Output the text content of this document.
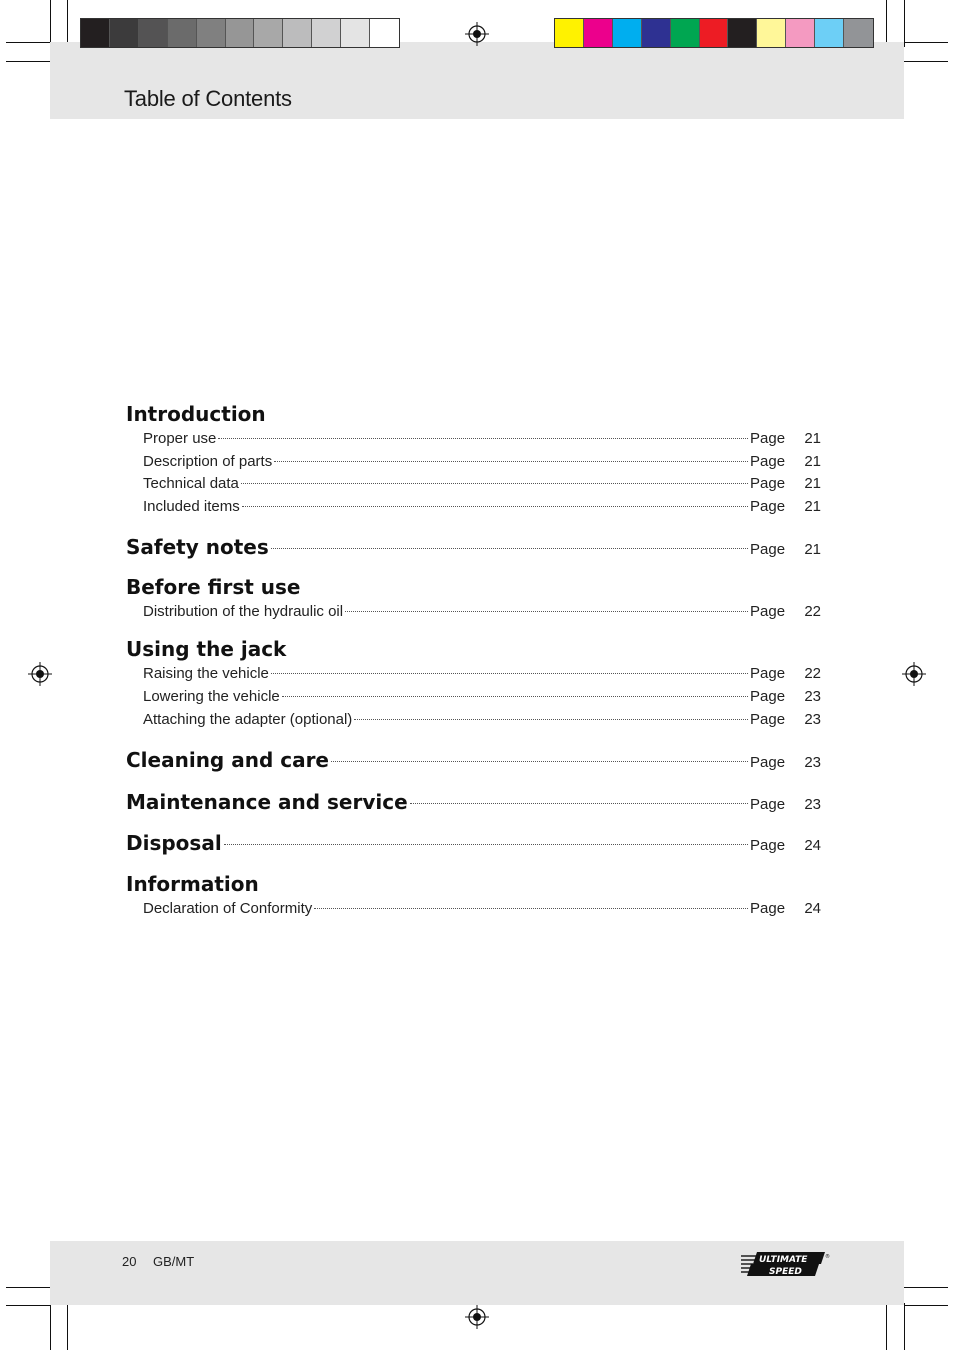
Table of Contents
Introduction
Proper use	Page	21
Description of parts	Page	21
Technical data	Page	21
Included items	Page	21
Safety notes	Page	21
Before first use
Distribution of the hydraulic oil	Page	22
Using the jack
Raising the vehicle	Page	22
Lowering the vehicle	Page	23
Attaching the adapter (optional)	Page	23
Cleaning and care	Page	23
Maintenance and service	Page	23
Disposal	Page	24
Information
Declaration of Conformity	Page	24
20 GB/MT	ULTIMATE
SPEED
®
